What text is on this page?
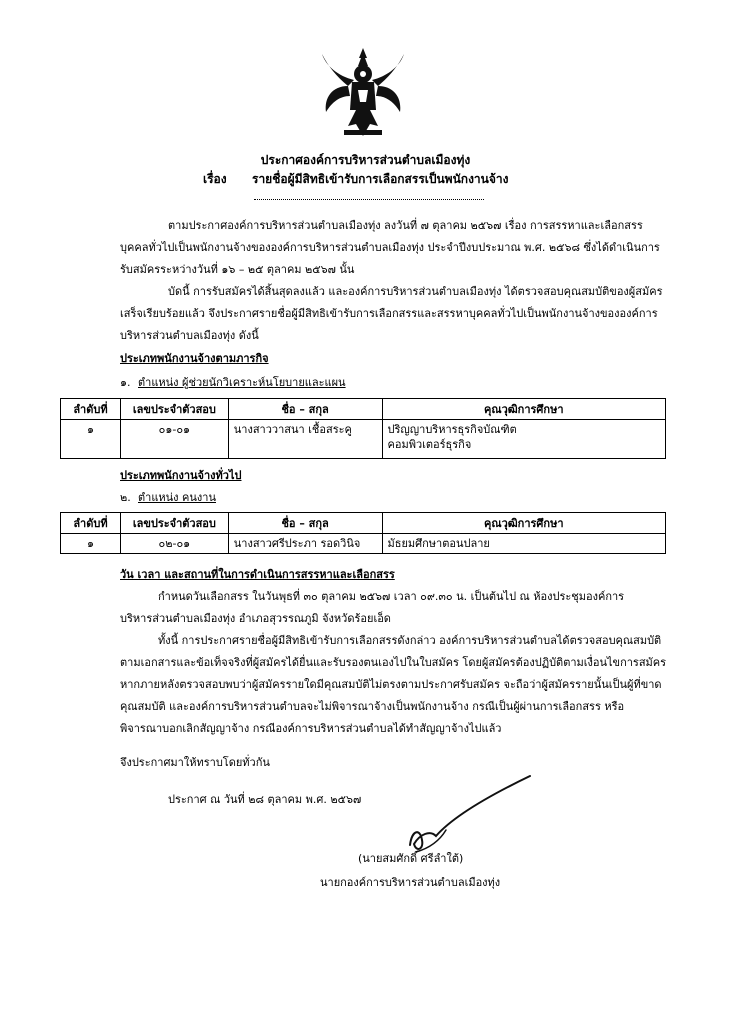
ประกาศองค์การบริหารส่วนตำบลเมืองทุ่ง
เรื่อง รายชื่อผู้มีสิทธิเข้ารับการเลือกสรรเป็นพนักงานจ้าง
ตามประกาศองค์การบริหารส่วนตำบลเมืองทุ่ง ลงวันที่ ๗ ตุลาคม ๒๕๖๗ เรื่อง การสรรหาและเลือกสรร
บุคคลทั่วไปเป็นพนักงานจ้างขององค์การบริหารส่วนตำบลเมืองทุ่ง ประจำปีงบประมาณ พ.ศ. ๒๕๖๘ ซึ่งได้ดำเนินการ
รับสมัครระหว่างวันที่ ๑๖ – ๒๕ ตุลาคม ๒๕๖๗ นั้น
บัดนี้ การรับสมัครได้สิ้นสุดลงแล้ว และองค์การบริหารส่วนตำบลเมืองทุ่ง ได้ตรวจสอบคุณสมบัติของผู้สมัคร
เสร็จเรียบร้อยแล้ว จึงประกาศรายชื่อผู้มีสิทธิเข้ารับการเลือกสรรและสรรหาบุคคลทั่วไปเป็นพนักงานจ้างขององค์การ
บริหารส่วนตำบลเมืองทุ่ง ดังนี้
ประเภทพนักงานจ้างตามภารกิจ
๑. ตำแหน่ง ผู้ช่วยนักวิเคราะห์นโยบายและแผน
ลำดับที่	เลขประจำตัวสอบ	ชื่อ – สกุล	คุณวุฒิการศึกษา
๑	๐๑-๐๑	นางสาววาสนา เชื้อสระคู	ปริญญาบริหารธุรกิจบัณฑิต
คอมพิวเตอร์ธุรกิจ
ประเภทพนักงานจ้างทั่วไป
๒. ตำแหน่ง คนงาน
ลำดับที่	เลขประจำตัวสอบ	ชื่อ – สกุล	คุณวุฒิการศึกษา
๑	๐๒-๐๑	นางสาวศรีประภา รอดวินิจ	มัธยมศึกษาตอนปลาย
วัน เวลา และสถานที่ในการดำเนินการสรรหาและเลือกสรร
กำหนดวันเลือกสรร ในวันพุธที่ ๓๐ ตุลาคม ๒๕๖๗ เวลา ๐๙.๓๐ น. เป็นต้นไป ณ ห้องประชุมองค์การ
บริหารส่วนตำบลเมืองทุ่ง อำเภอสุวรรณภูมิ จังหวัดร้อยเอ็ด
ทั้งนี้ การประกาศรายชื่อผู้มีสิทธิเข้ารับการเลือกสรรดังกล่าว องค์การบริหารส่วนตำบลได้ตรวจสอบคุณสมบัติ
ตามเอกสารและข้อเท็จจริงที่ผู้สมัครได้ยื่นและรับรองตนเองไปในใบสมัคร โดยผู้สมัครต้องปฏิบัติตามเงื่อนไขการสมัคร
หากภายหลังตรวจสอบพบว่าผู้สมัครรายใดมีคุณสมบัติไม่ตรงตามประกาศรับสมัคร จะถือว่าผู้สมัครรายนั้นเป็นผู้ที่ขาด
คุณสมบัติ และองค์การบริหารส่วนตำบลจะไม่พิจารณาจ้างเป็นพนักงานจ้าง กรณีเป็นผู้ผ่านการเลือกสรร หรือ
พิจารณาบอกเลิกสัญญาจ้าง กรณีองค์การบริหารส่วนตำบลได้ทำสัญญาจ้างไปแล้ว
จึงประกาศมาให้ทราบโดยทั่วกัน
ประกาศ ณ วันที่ ๒๘ ตุลาคม พ.ศ. ๒๕๖๗
(นายสมศักดิ์ ศรีลำใต้)
นายกองค์การบริหารส่วนตำบลเมืองทุ่ง
